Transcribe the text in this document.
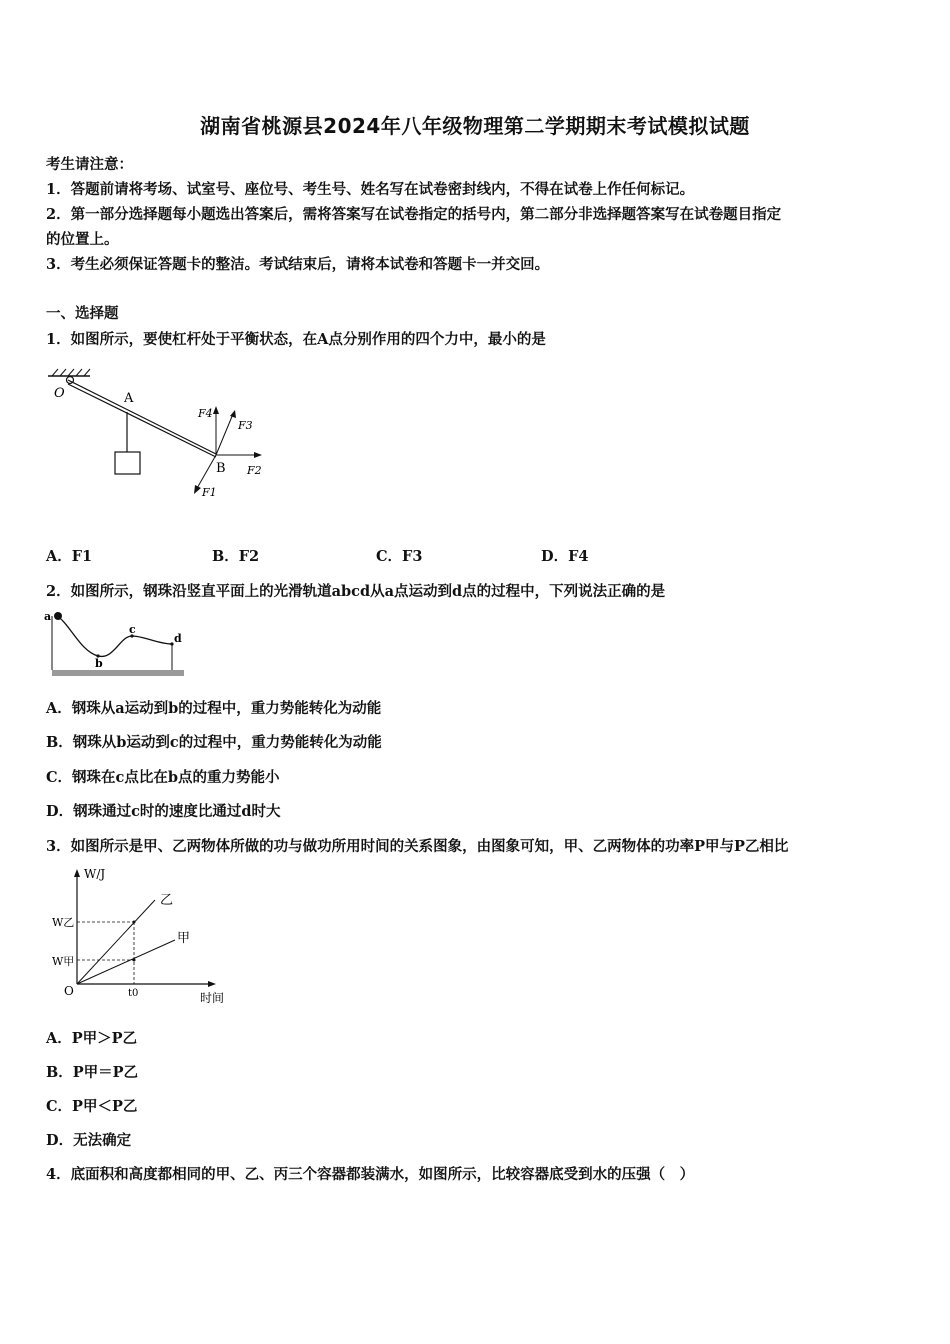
湖南省桃源县2024年八年级物理第二学期期末考试模拟试题
考生请注意：
1．答题前请将考场、试室号、座位号、考生号、姓名写在试卷密封线内，不得在试卷上作任何标记。
2．第一部分选择题每小题选出答案后，需将答案写在试卷指定的括号内，第二部分非选择题答案写在试卷题目指定
的位置上。
3．考生必须保证答题卡的整洁。考试结束后，请将本试卷和答题卡一并交回。
一、选择题
1．如图所示，要使杠杆处于平衡状态，在A点分别作用的四个力中，最小的是
O	A
B
F4
F3
F2
F1
A．F1	B．F2	C．F3	D．F4
2．如图所示，钢珠沿竖直平面上的光滑轨道abcd从a点运动到d点的过程中，下列说法正确的是
a
b
c
d
A．钢珠从a运动到b的过程中，重力势能转化为动能
B．钢珠从b运动到c的过程中，重力势能转化为动能
C．钢珠在c点比在b点的重力势能小
D．钢珠通过c时的速度比通过d时大
3．如图所示是甲、乙两物体所做的功与做功所用时间的关系图象，由图象可知，甲、乙两物体的功率P甲与P乙相比
W/J
时间
O	t0
W乙
W甲
乙
甲
A．P甲＞P乙
B．P甲＝P乙
C．P甲＜P乙
D．无法确定
4．底面积和高度都相同的甲、乙、丙三个容器都装满水，如图所示，比较容器底受到水的压强（　）
